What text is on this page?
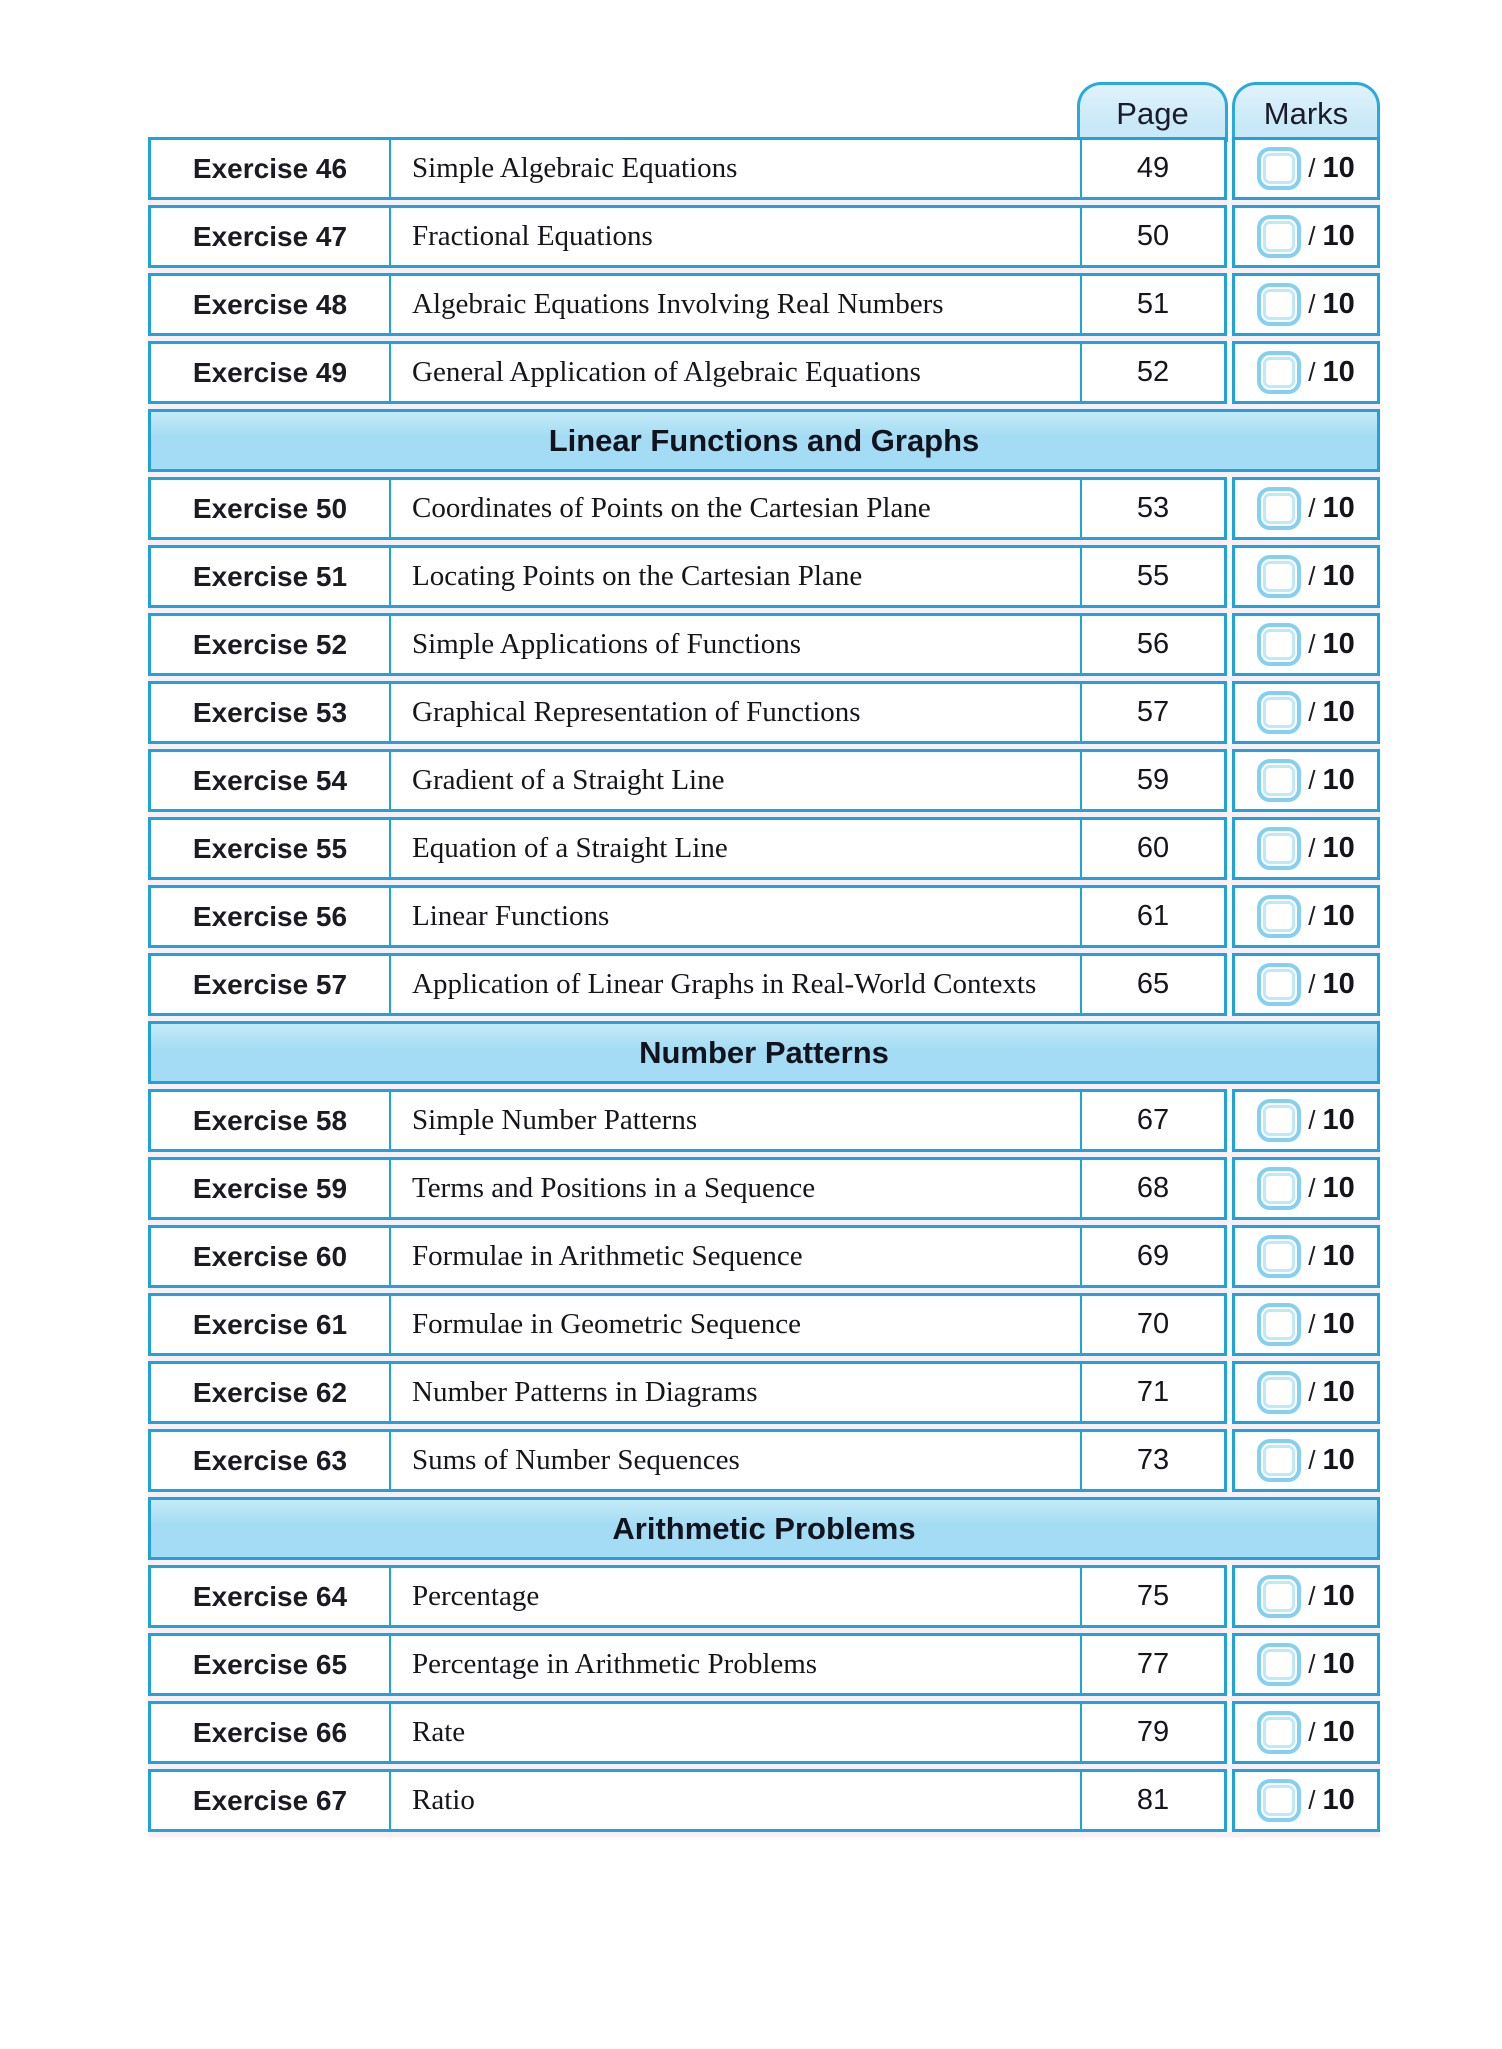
Page Marks
Exercise 46 Simple Algebraic Equations	49	/ 10
Exercise 47 Fractional Equations	50	/ 10
Exercise 48 Algebraic Equations Involving Real Numbers	51	/ 10
Exercise 49 General Application of Algebraic Equations	52	/ 10
Linear Functions and Graphs
Exercise 50 Coordinates of Points on the Cartesian Plane	53	/ 10
Exercise 51 Locating Points on the Cartesian Plane	55	/ 10
Exercise 52 Simple Applications of Functions	56	/ 10
Exercise 53 Graphical Representation of Functions	57	/ 10
Exercise 54 Gradient of a Straight Line	59	/ 10
Exercise 55 Equation of a Straight Line	60	/ 10
Exercise 56 Linear Functions	61	/ 10
Exercise 57 Application of Linear Graphs in Real-World Contexts	65	/ 10
Number Patterns
Exercise 58 Simple Number Patterns	67	/ 10
Exercise 59 Terms and Positions in a Sequence	68	/ 10
Exercise 60 Formulae in Arithmetic Sequence	69	/ 10
Exercise 61 Formulae in Geometric Sequence	70	/ 10
Exercise 62 Number Patterns in Diagrams	71	/ 10
Exercise 63 Sums of Number Sequences	73	/ 10
Arithmetic Problems
Exercise 64 Percentage	75	/ 10
Exercise 65 Percentage in Arithmetic Problems	77	/ 10
Exercise 66 Rate	79	/ 10
Exercise 67 Ratio	81	/ 10
